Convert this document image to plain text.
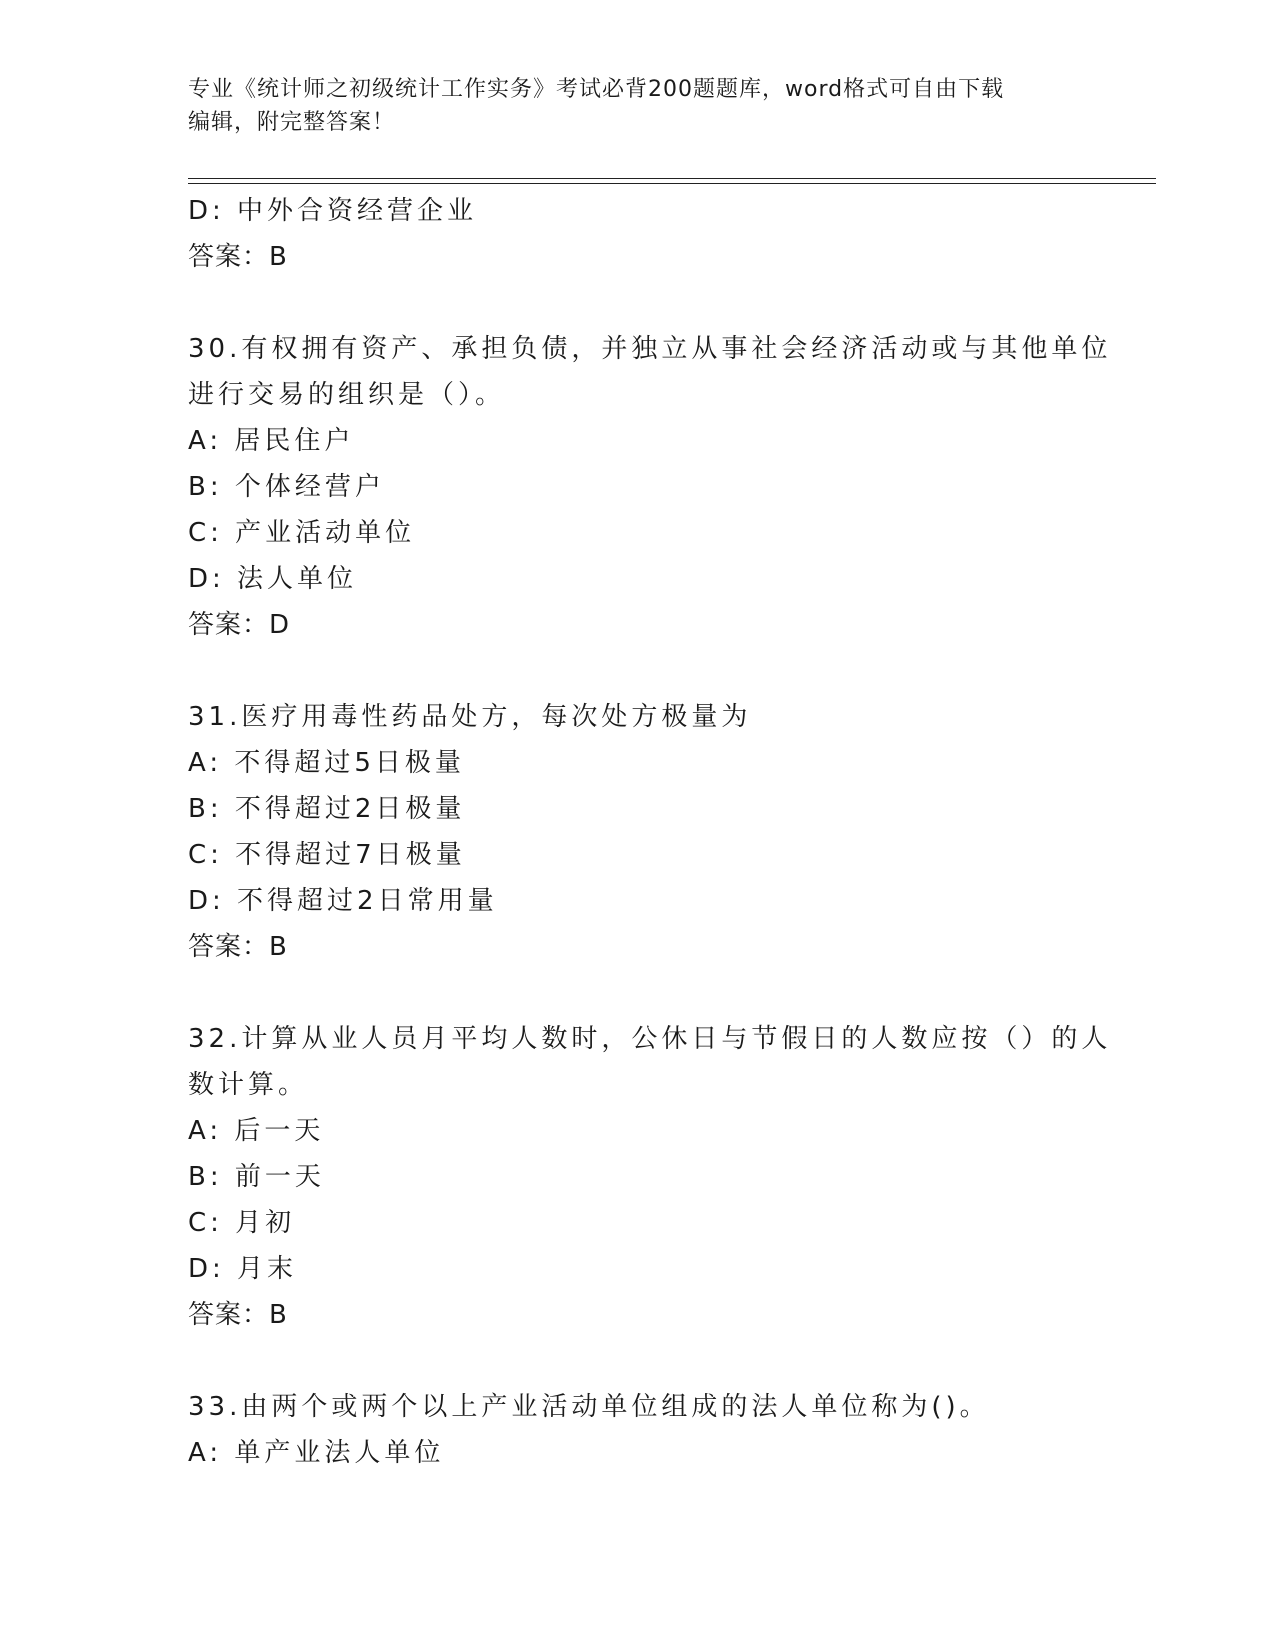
专业《统计师之初级统计工作实务》考试必背200题题库，word格式可自由下载
编辑，附完整答案！
D: 中外合资经营企业
答案：B
30.有权拥有资产、承担负债，并独立从事社会经济活动或与其他单位
进行交易的组织是（）。
A: 居民住户
B: 个体经营户
C: 产业活动单位
D: 法人单位
答案：D
31.医疗用毒性药品处方，每次处方极量为
A: 不得超过5日极量
B: 不得超过2日极量
C: 不得超过7日极量
D: 不得超过2日常用量
答案：B
32.计算从业人员月平均人数时，公休日与节假日的人数应按（）的人
数计算。
A: 后一天
B: 前一天
C: 月初
D: 月末
答案：B
33.由两个或两个以上产业活动单位组成的法人单位称为()。
A: 单产业法人单位
